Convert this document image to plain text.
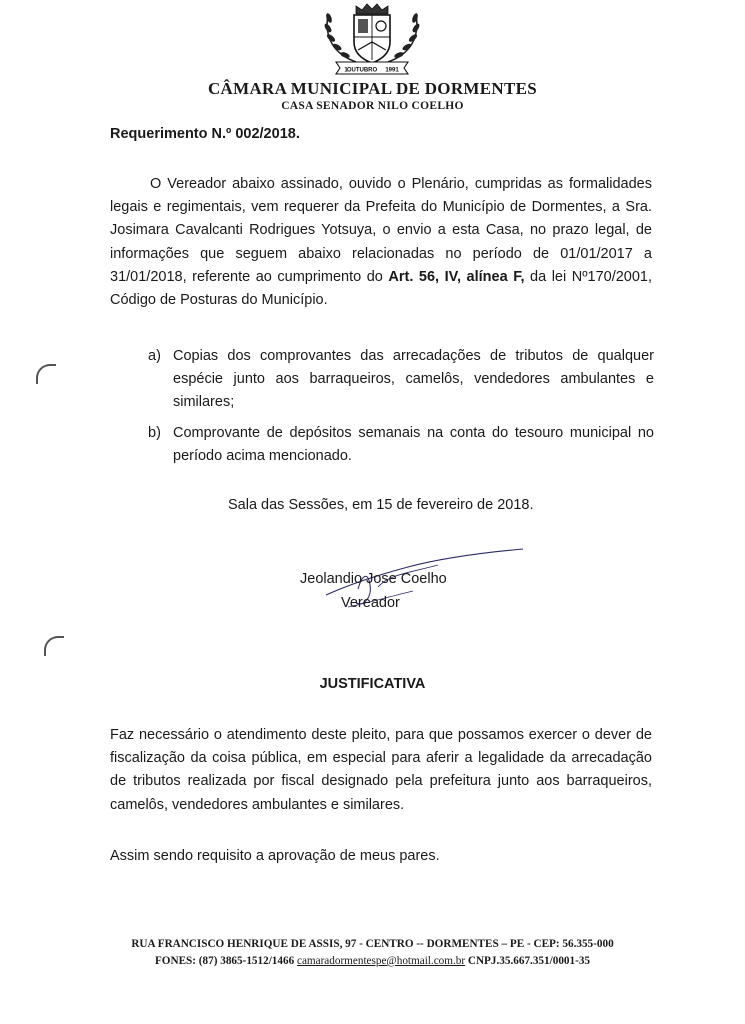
OUTUBRO 1991
1
CÂMARA MUNICIPAL DE DORMENTES
CASA SENADOR NILO COELHO
Requerimento N.º 002/2018.
O Vereador abaixo assinado, ouvido o Plenário, cumpridas as formalidades
legais e regimentais, vem requerer da Prefeita do Município de Dormentes, a Sra.
Josimara Cavalcanti Rodrigues Yotsuya, o envio a esta Casa, no prazo legal, de
informações que seguem abaixo relacionadas no período de 01/01/2017 a
31/01/2018, referente ao cumprimento do Art. 56, IV, alínea F, da lei Nº170/2001,
Código de Posturas do Município.
a) Copias dos comprovantes das arrecadações de tributos de qualquer
espécie junto aos barraqueiros, camelôs, vendedores ambulantes e
similares;
b) Comprovante de depósitos semanais na conta do tesouro municipal no
período acima mencionado.
Sala das Sessões, em 15 de fevereiro de 2018.
Jeolandio Jose Coelho
Vereador
JUSTIFICATIVA
Faz necessário o atendimento deste pleito, para que possamos exercer o dever de
fiscalização da coisa pública, em especial para aferir a legalidade da arrecadação
de tributos realizada por fiscal designado pela prefeitura junto aos barraqueiros,
camelôs, vendedores ambulantes e similares.
Assim sendo requisito a aprovação de meus pares.
RUA FRANCISCO HENRIQUE DE ASSIS, 97 - CENTRO -- DORMENTES – PE - CEP: 56.355-000
FONES: (87) 3865-1512/1466 camaradormentespe@hotmail.com.br CNPJ.35.667.351/0001-35
